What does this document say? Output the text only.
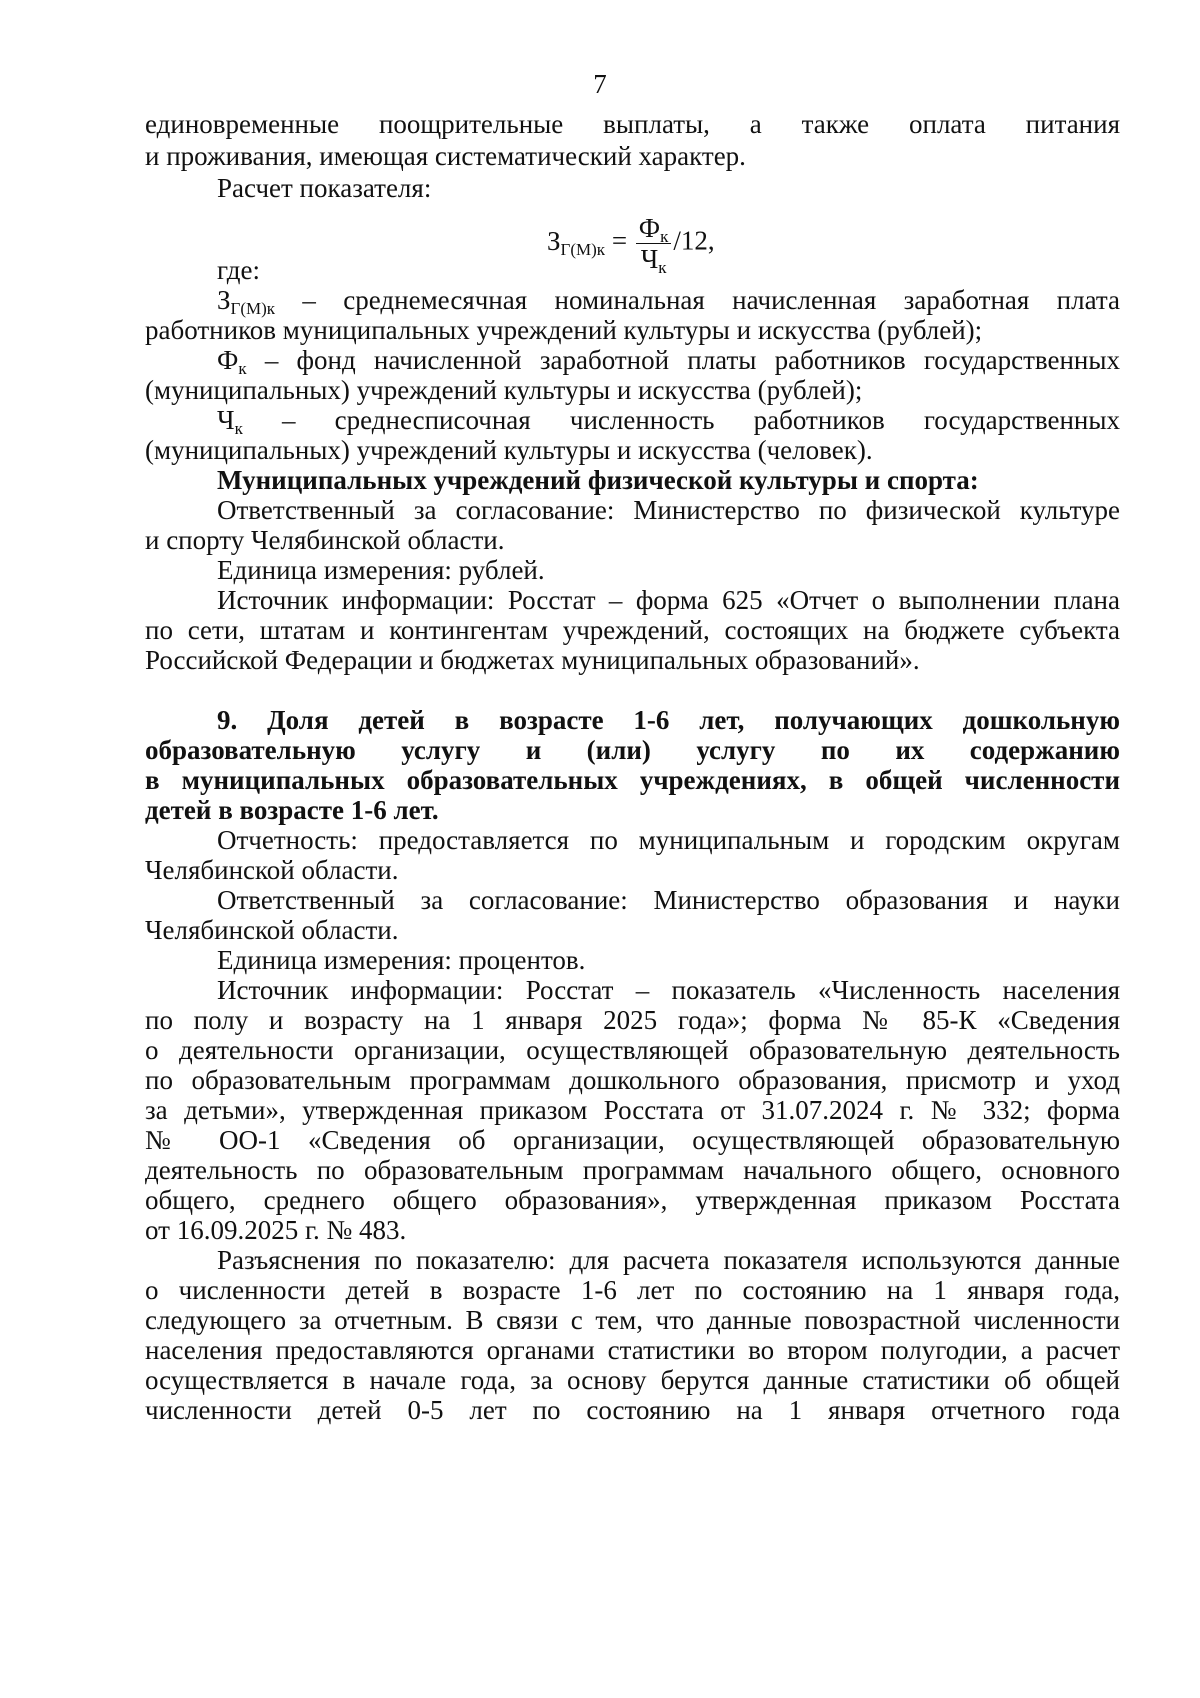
7
единовременные поощрительные выплаты, а также оплата питания
и проживания, имеющая систематический характер.
Расчет показателя:
$З_{Г(М)к} = \frac{Ф_к}{Ч_к} /12$,
где:
$З_{Г(М)к}$ – среднемесячная номинальная начисленная заработная плата
работников муниципальных учреждений культуры и искусства (рублей);
$Ф_к$ – фонд начисленной заработной платы работников государственных
(муниципальных) учреждений культуры и искусства (рублей);
$Ч_к$ – среднесписочная численность работников государственных
(муниципальных) учреждений культуры и искусства (человек).
Муниципальных учреждений физической культуры и спорта:
Ответственный за согласование: Министерство по физической культуре
и спорту Челябинской области.
Единица измерения: рублей.
Источник информации: Росстат – форма 625 «Отчет о выполнении плана
по сети, штатам и контингентам учреждений, состоящих на бюджете субъекта
Российской Федерации и бюджетах муниципальных образований».
9. Доля детей в возрасте 1-6 лет, получающих дошкольную
образовательную услугу и (или) услугу по их содержанию
в муниципальных образовательных учреждениях, в общей численности
детей в возрасте 1-6 лет.
Отчетность: предоставляется по муниципальным и городским округам
Челябинской области.
Ответственный за согласование: Министерство образования и науки
Челябинской области.
Единица измерения: процентов.
Источник информации: Росстат – показатель «Численность населения
по полу и возрасту на 1 января 2025 года»; форма № 85-К «Сведения
о деятельности организации, осуществляющей образовательную деятельность
по образовательным программам дошкольного образования, присмотр и уход
за детьми», утвержденная приказом Росстата от 31.07.2024 г. № 332; форма
№ ОО-1 «Сведения об организации, осуществляющей образовательную
деятельность по образовательным программам начального общего, основного
общего, среднего общего образования», утвержденная приказом Росстата
от 16.09.2025 г. № 483.
Разъяснения по показателю: для расчета показателя используются данные
о численности детей в возрасте 1-6 лет по состоянию на 1 января года,
следующего за отчетным. В связи с тем, что данные повозрастной численности
населения предоставляются органами статистики во втором полугодии, а расчет
осуществляется в начале года, за основу берутся данные статистики об общей
численности детей 0-5 лет по состоянию на 1 января отчетного года
